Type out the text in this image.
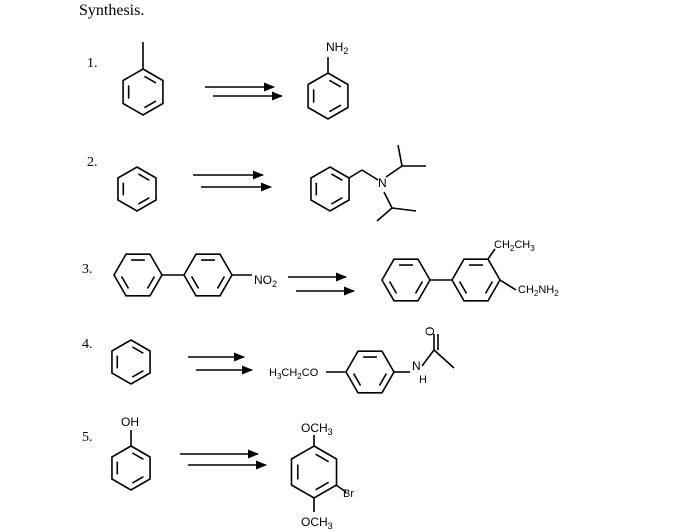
Synthesis.
1.
2.
3.
4.
5.
$NH_2$
N
$NO_2$
$CH_2CH_3$
$CH_2NH_2$
$H_3CH_2CO$
O
N
H
OH	$OCH_3$
Br
$OCH_3$
